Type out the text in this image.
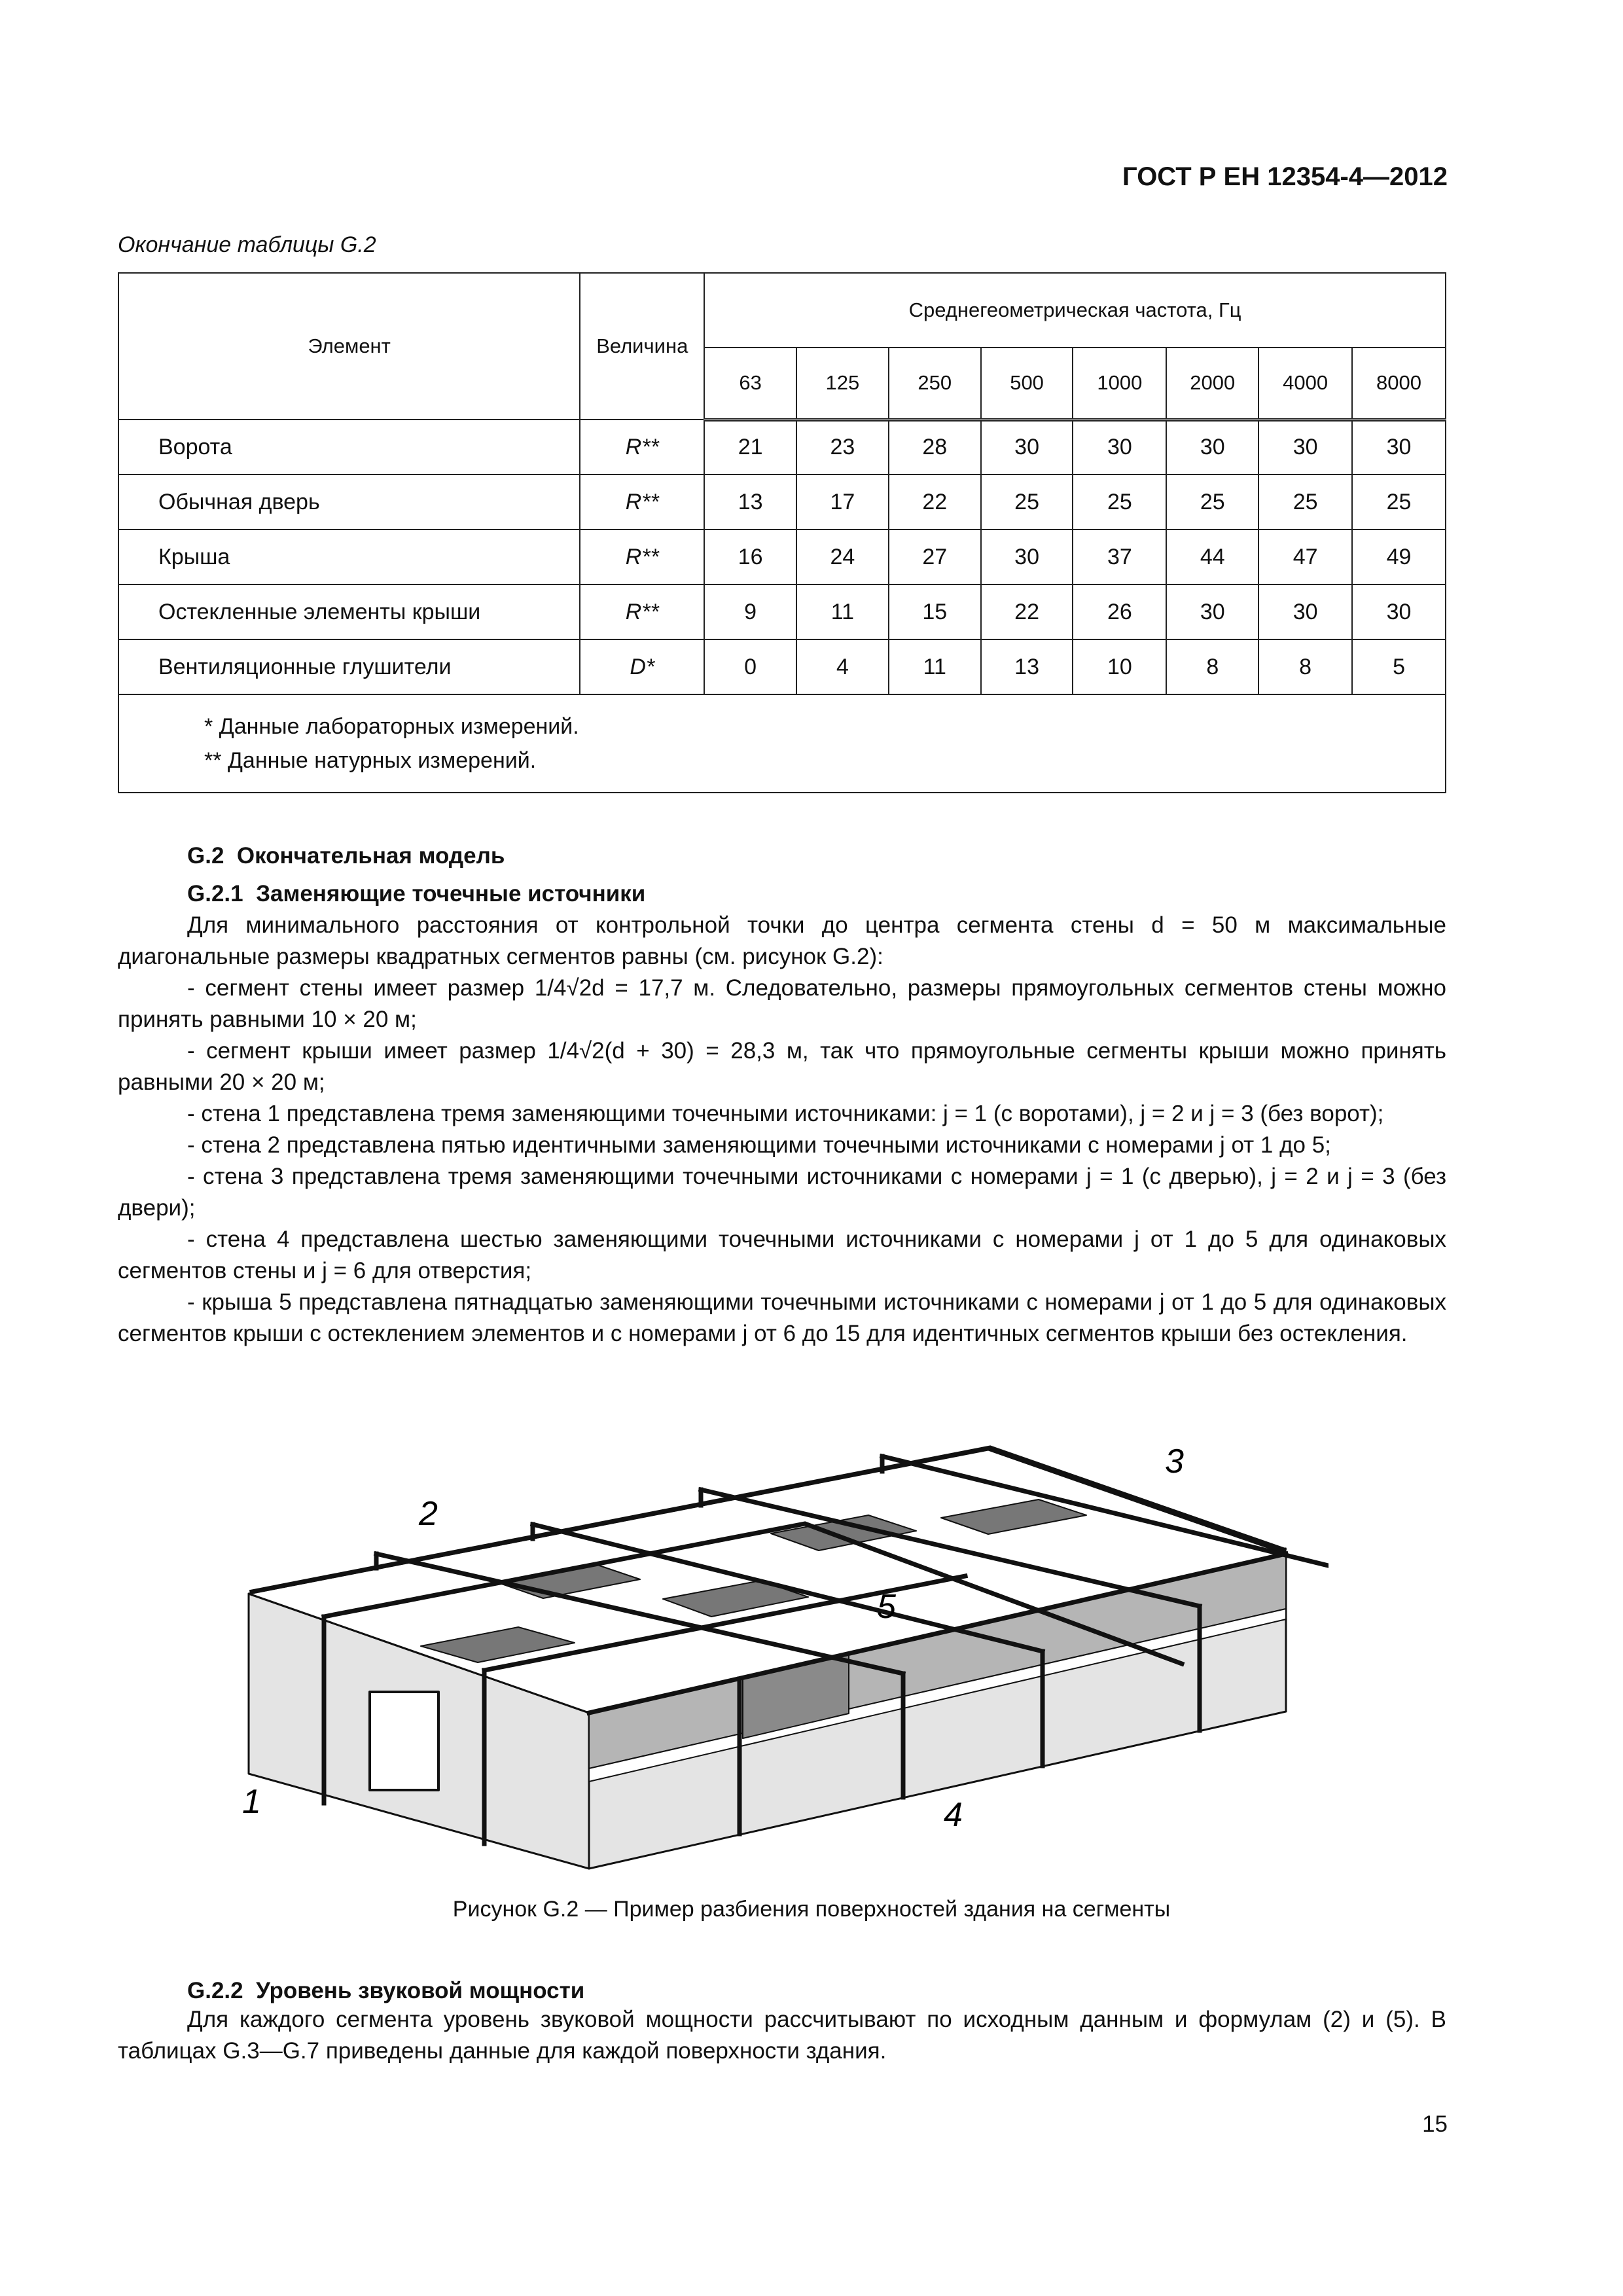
ГОСТ Р ЕН 12354-4—2012
Окончание таблицы G.2
Элемент	Величина	Среднегеометрическая частота, Гц							
		63	125	250	500	1000	2000	4000	8000
Ворота	R**	21	23	28	30	30	30	30	30
Обычная дверь	R**	13	17	22	25	25	25	25	25
Крыша	R**	16	24	27	30	37	44	47	49
Остекленные элементы крыши	R**	9	11	15	22	26	30	30	30
Вентиляционные глушители	D*	0	4	11	13	10	8	8	5

* Данные лабораторных измерений.
** Данные натурных измерений.									
G.2 Окончательная модель
G.2.1 Заменяющие точечные источники

Для минимального расстояния от контрольной точки до центра сегмента стены d = 50 м максимальные диагональные размеры квадратных сегментов равны (см. рисунок G.2):

- сегмент стены имеет размер 1/4√2d = 17,7 м. Следовательно, размеры прямоугольных сегментов стены можно принять равными 10 × 20 м;

- сегмент крыши имеет размер 1/4√2(d + 30) = 28,3 м, так что прямоугольные сегменты крыши можно принять равными 20 × 20 м;

- стена 1 представлена тремя заменяющими точечными источниками: j = 1 (с воротами), j = 2 и j = 3 (без ворот);

- стена 2 представлена пятью идентичными заменяющими точечными источниками с номерами j от 1 до 5;

- стена 3 представлена тремя заменяющими точечными источниками с номерами j = 1 (с дверью), j = 2 и j = 3 (без двери);

- стена 4 представлена шестью заменяющими точечными источниками с номерами j от 1 до 5 для одинаковых сегментов стены и j = 6 для отверстия;

- крыша 5 представлена пятнадцатью заменяющими точечными источниками с номерами j от 1 до 5 для одинаковых сегментов крыши с остеклением элементов и с номерами j от 6 до 15 для идентичных сегментов крыши без остекления.

1
2
3
4
5
Рисунок G.2 — Пример разбиения поверхностей здания на сегменты
G.2.2 Уровень звуковой мощности

Для каждого сегмента уровень звуковой мощности рассчитывают по исходным данным и формулам (2) и (5). В таблицах G.3—G.7 приведены данные для каждой поверхности здания.

15
